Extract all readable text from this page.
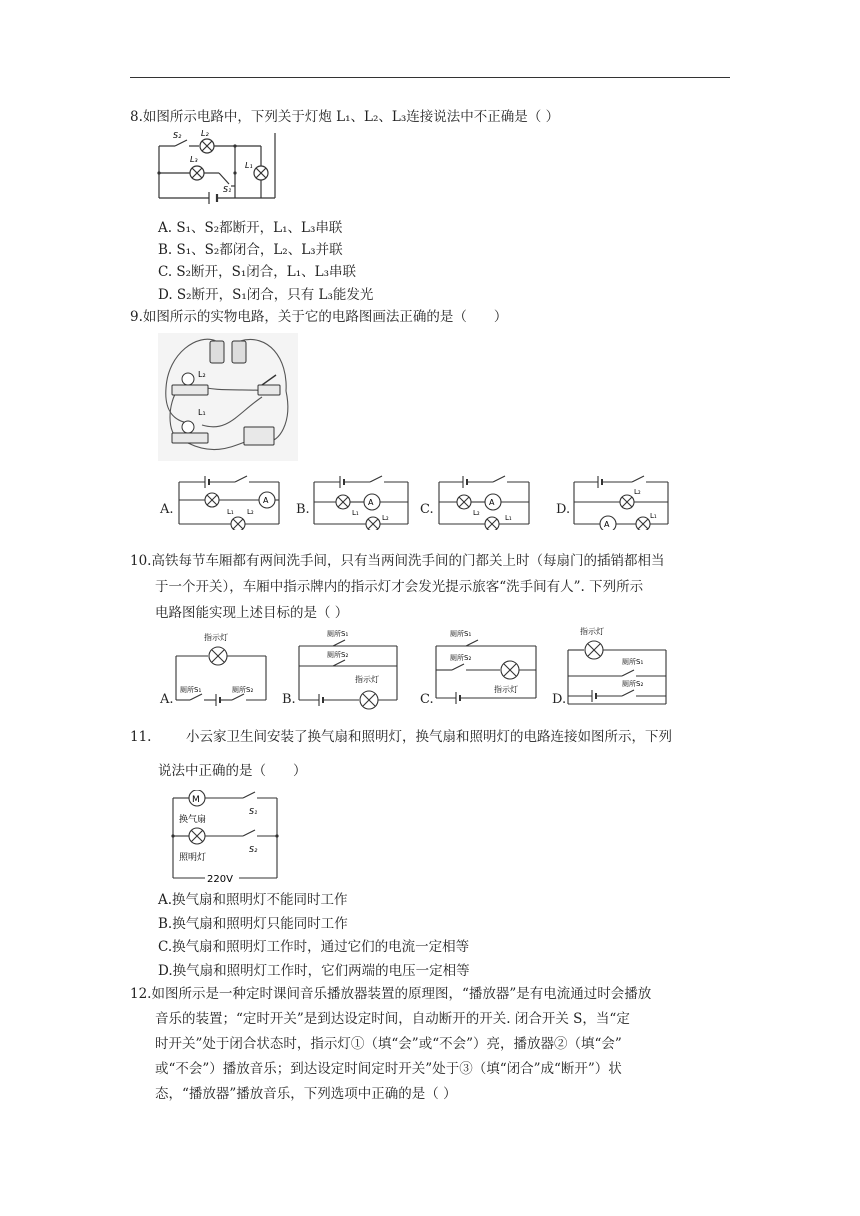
8.如图所示电路中，下列关于灯炮 L₁、L₂、L₃连接说法中不正确是（ ）
S₂ L₂
L₃
L₁
S₁
A. S₁、S₂都断开，L₁、L₃串联
B. S₁、S₂都闭合，L₂、L₃并联
C. S₂断开，S₁闭合，L₁、L₃串联
D. S₂断开，S₁闭合，只有 L₃能发光
9.如图所示的实物电路，关于它的电路图画法正确的是（　　）
L₂
L₁
A.
A
L₁ L₂	B.	A
L₁
L₂
C.	A
L₂
L₁
D.
A
L₂
L₁
10.高铁每节车厢都有两间洗手间，只有当两间洗手间的门都关上时（每扇门的插销都相当
于一个开关），车厢中指示牌内的指示灯才会发光提示旅客“洗手间有人”. 下列所示
电路图能实现上述目标的是（ ）
A.
指示灯
厕所S₁	厕所S₂
B.
厕所S₁
厕所S₂
指示灯
C.
厕所S₁
厕所S₂
指示灯
D.
指示灯
厕所S₁
厕所S₂
11.	小云家卫生间安装了换气扇和照明灯，换气扇和照明灯的电路连接如图所示，下列
说法中正确的是（　　）
M
换气扇
照明灯
S₁
S₂
220V
A.换气扇和照明灯不能同时工作
B.换气扇和照明灯只能同时工作
C.换气扇和照明灯工作时，通过它们的电流一定相等
D.换气扇和照明灯工作时，它们两端的电压一定相等
12.如图所示是一种定时课间音乐播放器装置的原理图，“播放器”是有电流通过时会播放
音乐的装置；“定时开关”是到达设定时间，自动断开的开关. 闭合开关 S，当“定
时开关”处于闭合状态时，指示灯①（填“会”或“不会”）亮，播放器②（填“会”
或“不会”）播放音乐；到达设定时间定时开关”处于③（填“闭合”成“断开”）状
态，“播放器”播放音乐，下列选项中正确的是（ ）
